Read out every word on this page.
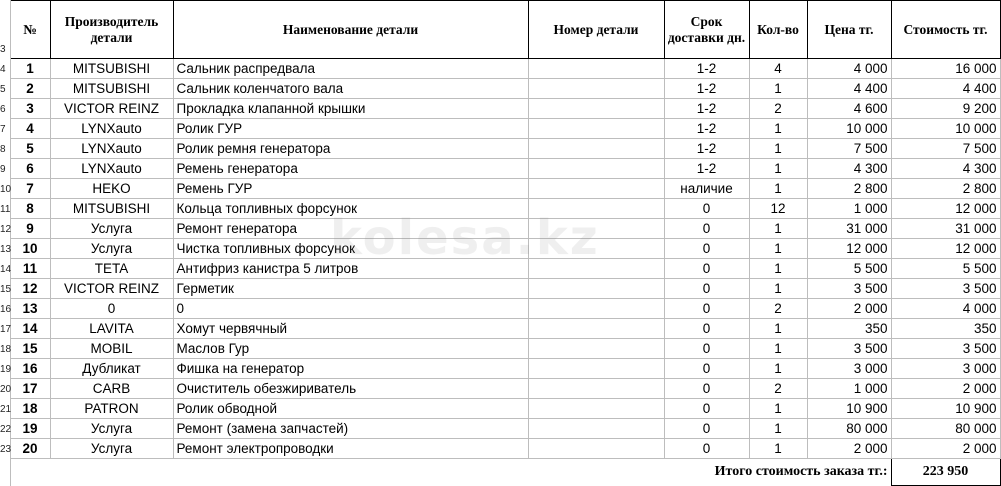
3	№	Производитель детали	Наименование детали	Номер детали	Срок доставки дн.	Кол-во	Цена тг.	Стоимость тг.
4	1	MITSUBISHI	Сальник распредвала		1-2	4	4 000	16 000
5	2	MITSUBISHI	Сальник коленчатого вала		1-2	1	4 400	4 400
6	3	VICTOR REINZ	Прокладка клапанной крышки		1-2	2	4 600	9 200
7	4	LYNXauto	Ролик ГУР		1-2	1	10 000	10 000
8	5	LYNXauto	Ролик ремня генератора		1-2	1	7 500	7 500
9	6	LYNXauto	Ремень генератора		1-2	1	4 300	4 300
10	7	HEKO	Ремень ГУР		наличие	1	2 800	2 800
11	8	MITSUBISHI	Кольца топливных форсунок		0	12	1 000	12 000
12	9	Услуга	Ремонт генератора		0	1	31 000	31 000
13	10	Услуга	Чистка топливных форсунок		0	1	12 000	12 000
14	11	TETA	Антифриз канистра 5 литров		0	1	5 500	5 500
15	12	VICTOR REINZ	Герметик		0	1	3 500	3 500
16	13	0	0		0	2	2 000	4 000
17	14	LAVITA	Хомут червячный		0	1	350	350
18	15	MOBIL	Маслов Гур		0	1	3 500	3 500
19	16	Дубликат	Фишка на генератор		0	1	3 000	3 000
20	17	CARB	Очиститель обезжириватель		0	2	1 000	2 000
21	18	PATRON	Ролик обводной		0	1	10 900	10 900
22	19	Услуга	Ремонт (замена запчастей)		0	1	80 000	80 000
23	20	Услуга	Ремонт электропроводки		0	1	2 000	2 000
				Итого стоимость заказа тг.:				223 950
kolesa.kz
